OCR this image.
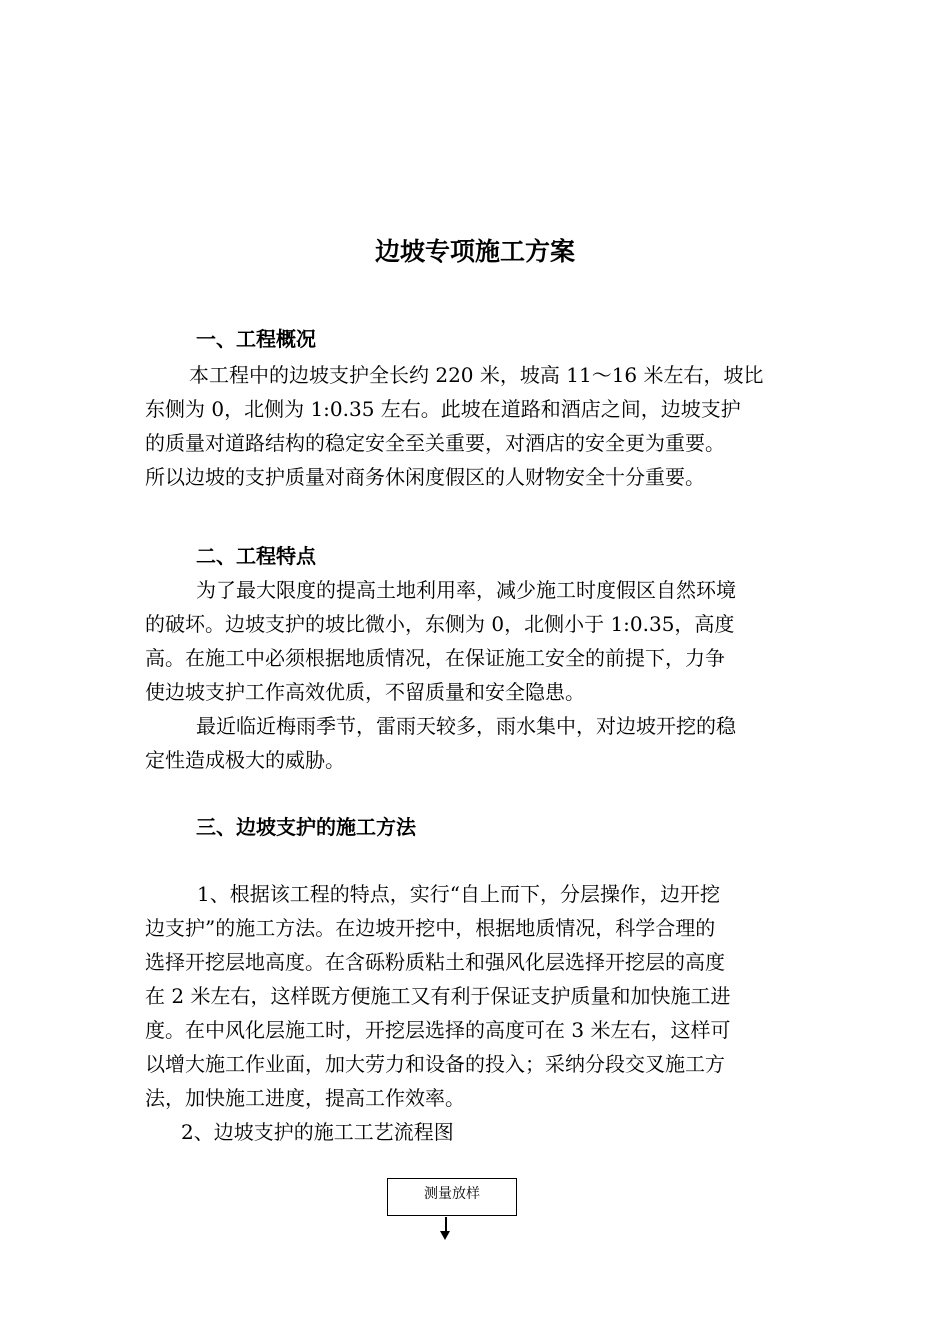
边坡专项施工方案
一、工程概况
本工程中的边坡支护全长约 220 米，坡高 11～16 米左右，坡比
东侧为 0，北侧为 1:0.35 左右。此坡在道路和酒店之间，边坡支护
的质量对道路结构的稳定安全至关重要，对酒店的安全更为重要。
所以边坡的支护质量对商务休闲度假区的人财物安全十分重要。
二、工程特点
为了最大限度的提高土地利用率，减少施工时度假区自然环境
的破坏。边坡支护的坡比微小，东侧为 0，北侧小于 1:0.35，高度
高。在施工中必须根据地质情况，在保证施工安全的前提下，力争
使边坡支护工作高效优质，不留质量和安全隐患。
最近临近梅雨季节，雷雨天较多，雨水集中，对边坡开挖的稳
定性造成极大的威胁。
三、边坡支护的施工方法
1、根据该工程的特点，实行“自上而下，分层操作，边开挖
边支护”的施工方法。在边坡开挖中，根据地质情况，科学合理的
选择开挖层地高度。在含砾粉质粘土和强风化层选择开挖层的高度
在 2 米左右，这样既方便施工又有利于保证支护质量和加快施工进
度。在中风化层施工时，开挖层选择的高度可在 3 米左右，这样可
以增大施工作业面，加大劳力和设备的投入；采纳分段交叉施工方
法，加快施工进度，提高工作效率。
2、边坡支护的施工工艺流程图
测量放样
